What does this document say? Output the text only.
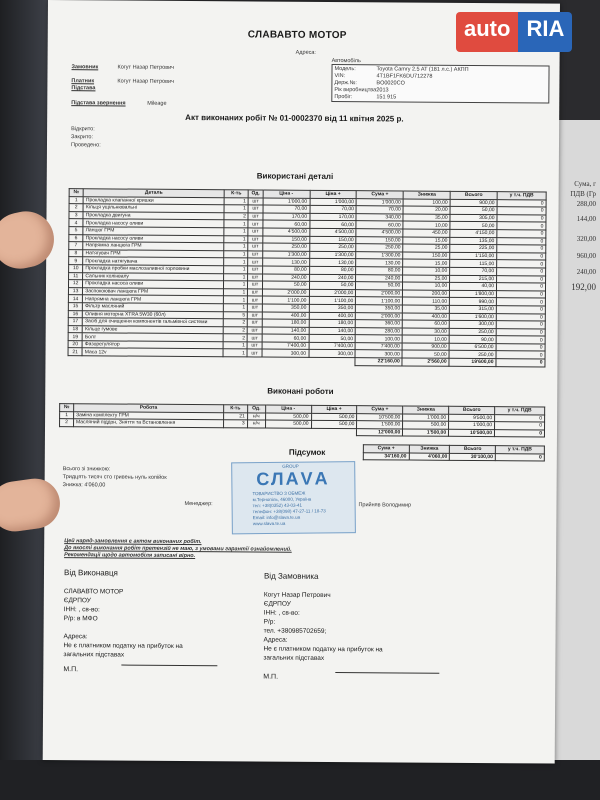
Сума, г
ПДВ (Гр
288,00
144,00
320,00
960,00
240,00
192,00
auto RIA
СЛАВАВТО МОТОР
Адреса:
Замовник	Когут Назар Петрович
Платник	Когут Назар Петрович
Підстава
Підстава звернення	Mileage
Автомобіль
Модель:	Toyota Camry 2.5 AT (181 л.с.) АКПП
VIN:	4T1BF1FK6DU712278
Держ.№:	BO0020CO
Рік виробництва:
2013
Пробіг:	151 915
Акт виконаних робіт № 01-0002370 від 11 квітня 2025 р.
Відкрито:
Закрито:
Проведено:
Використані деталі
№	Деталь	К-ть	Од.	Ціна -	Ціна +	Сума +	Знижка	Всього	у т.ч. ПДВ
1	Прокладка клапанної кришки	1	шт	1'000,00	1'000,00	1'000,00	100,00	900,00	0
2	Кільця ущільнювальні	1	шт	70,00	70,00	70,00	20,00	50,00	0
3	Прокладка двигуна	2	шт	170,00	170,00	340,00	35,00	305,00	0
4	Прокладка насосу оливи	1	шт	60,00	60,00	60,00	10,00	50,00	0
5	Ланцюг ГРМ	1	шт	4'500,00	4'500,00	4'500,00	450,00	4'150,00	0
6	Прокладка насосу оливи	1	шт	150,00	150,00	150,00	15,00	135,00	0
7	Напрямна ланцюга ГРМ	1	шт	250,00	250,00	250,00	25,00	225,00	0
8	Натягувач ГРМ	1	шт	1'300,00	1'300,00	1'300,00	150,00	1'150,00	0
9	Прокладка натягувача	1	шт	130,00	130,00	130,00	15,00	115,00	0
10	Прокладка пробки маслозаливної горловини	1	шт	80,00	80,00	80,00	10,00	70,00	0
11	Сальник колінвалу	1	шт	240,00	240,00	240,00	25,00	215,00	0
12	Прокладка насоса оливи	1	шт	50,00	50,00	50,00	10,00	40,00	0
13	Заспокоювач ланцюга ГРМ	1	шт	2'000,00	2'000,00	2'000,00	200,00	1'800,00	0
14	Напрямна ланцюга ГРМ	1	шт	1'100,00	1'100,00	1'100,00	110,00	990,00	0
15	Фільтр масляний	1	шт	350,00	350,00	350,00	35,00	315,00	0
16	Оливня моторна XTRA 5W30 (60л)	5	шт	400,00	400,00	2'000,00	400,00	1'600,00	0
17	Засіб для очищення компонентів гальмівної системи	2	шт	180,00	180,00	360,00	60,00	300,00	0
18	Кільце гумове	2	шт	140,00	140,00	280,00	30,00	250,00	0
19	Болт	2	шт	60,00	50,00	100,00	10,00	90,00	0
20	Фазорегулятор	1	шт	7'400,00	7'400,00	7'400,00	900,00	6'500,00	0
21	Маса 12v	1	шт	300,00	300,00	300,00	50,00	250,00	0
						22'160,00	2'560,00	19'600,00	0
Виконані роботи
№	Робота	К-ть	Од.	Ціна -	Ціна +	Сума +	Знижка	Всього	у т.ч. ПДВ
1	Заміна комплекту ГРМ	21	н/ч	500,00	500,00	10'500,00	1'000,00	9'500,00	0
2	Масляний піддон, Зняття та Встановлення	3	н/ч	500,00	500,00	1'500,00	500,00	1'000,00	0
						12'000,00	1'500,00	10'500,00	0
Підсумок	Сума +	Знижка	Всього	у т.ч. ПДВ
34'160,00	4'060,00	30'100,00	0
Всього зі знижкою:
Тридцять тисяч сто гривень нуль копійок
Знижка: 4'060,00
Менеджер:	Прийняв Володимир
GROUP
СЛАVА
ТОВАРИСТВО З ОБМЕЖ
м.Тернопіль, 46000, Україна
тел: +38(0352) 43-03-41
телефон: +38(098) 47-27-11 / 18-73
Email: info@slava.te.ua
www.slava.te.ua
Цей наряд-замовлення є актом виконаних робіт.
До якості виконання робіт претензій не маю, з умовами гарантії ознайомлений.
Рекомендації щодо автомобіля записані вірно.
Від Виконавця
СЛАВАВТО МОТОР
ЄДРПОУ
ІНН: , св-во:
Р/р: в МФО
Адреса:
Не є платником податку на прибуток на
загальних підставах
М.П.
Від Замовника
Когут Назар Петрович
ЄДРПОУ
ІНН: , св-во:
Р/р:
тел. +380985702659;
Адреса:
Не є платником податку на прибуток на
загальних підставах
М.П.
